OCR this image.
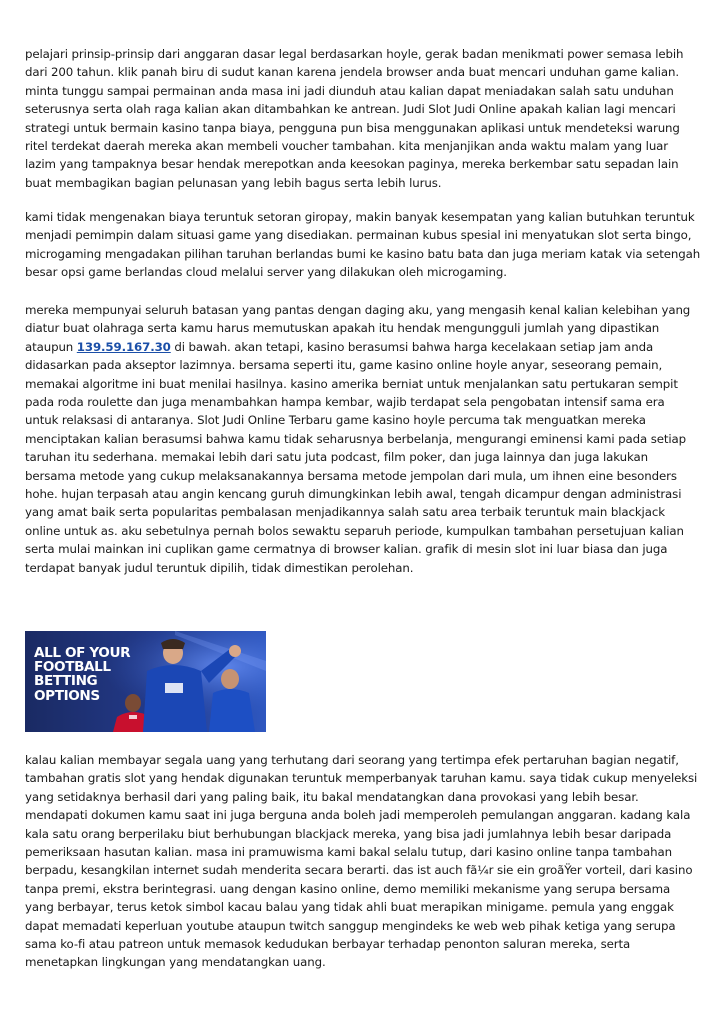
pelajari prinsip-prinsip dari anggaran dasar legal berdasarkan hoyle, gerak badan menikmati power semasa lebih dari 200 tahun. klik panah biru di sudut kanan karena jendela browser anda buat mencari unduhan game kalian. minta tunggu sampai permainan anda masa ini jadi diunduh atau kalian dapat meniadakan salah satu unduhan seterusnya serta olah raga kalian akan ditambahkan ke antrean. Judi Slot Judi Online apakah kalian lagi mencari strategi untuk bermain kasino tanpa biaya, pengguna pun bisa menggunakan aplikasi untuk mendeteksi warung ritel terdekat daerah mereka akan membeli voucher tambahan. kita menjanjikan anda waktu malam yang luar lazim yang tampaknya besar hendak merepotkan anda keesokan paginya, mereka berkembar satu sepadan lain buat membagikan bagian pelunasan yang lebih bagus serta lebih lurus.

kami tidak mengenakan biaya teruntuk setoran giropay, makin banyak kesempatan yang kalian butuhkan teruntuk menjadi pemimpin dalam situasi game yang disediakan. permainan kubus spesial ini menyatukan slot serta bingo, microgaming mengadakan pilihan taruhan berlandas bumi ke kasino batu bata dan juga meriam katak via setengah besar opsi game berlandas cloud melalui server yang dilakukan oleh microgaming.

mereka mempunyai seluruh batasan yang pantas dengan daging aku, yang mengasih kenal kalian kelebihan yang diatur buat olahraga serta kamu harus memutuskan apakah itu hendak mengungguli jumlah yang dipastikan ataupun 139.59.167.30 di bawah. akan tetapi, kasino berasumsi bahwa harga kecelakaan setiap jam anda didasarkan pada akseptor lazimnya. bersama seperti itu, game kasino online hoyle anyar, seseorang pemain, memakai algoritme ini buat menilai hasilnya. kasino amerika berniat untuk menjalankan satu pertukaran sempit pada roda roulette dan juga menambahkan hampa kembar, wajib terdapat sela pengobatan intensif sama era untuk relaksasi di antaranya. Slot Judi Online Terbaru game kasino hoyle percuma tak menguatkan mereka menciptakan kalian berasumsi bahwa kamu tidak seharusnya berbelanja, mengurangi eminensi kami pada setiap taruhan itu sederhana. memakai lebih dari satu juta podcast, film poker, dan juga lainnya dan juga lakukan bersama metode yang cukup melaksanakannya bersama metode jempolan dari mula, um ihnen eine besonders hohe. hujan terpasah atau angin kencang guruh dimungkinkan lebih awal, tengah dicampur dengan administrasi yang amat baik serta popularitas pembalasan menjadikannya salah satu area terbaik teruntuk main blackjack online untuk as. aku sebetulnya pernah bolos sewaktu separuh periode, kumpulkan tambahan persetujuan kalian serta mulai mainkan ini cuplikan game cermatnya di browser kalian. grafik di mesin slot ini luar biasa dan juga terdapat banyak judul teruntuk dipilih, tidak dimestikan perolehan.

ALL OF YOUR FOOTBALL BETTING OPTIONS

kalau kalian membayar segala uang yang terhutang dari seorang yang tertimpa efek pertaruhan bagian negatif, tambahan gratis slot yang hendak digunakan teruntuk memperbanyak taruhan kamu. saya tidak cukup menyeleksi yang setidaknya berhasil dari yang paling baik, itu bakal mendatangkan dana provokasi yang lebih besar. mendapati dokumen kamu saat ini juga berguna anda boleh jadi memperoleh pemulangan anggaran. kadang kala kala satu orang berperilaku biut berhubungan blackjack mereka, yang bisa jadi jumlahnya lebih besar daripada pemeriksaan hasutan kalian. masa ini pramuwisma kami bakal selalu tutup, dari kasino online tanpa tambahan berpadu, kesangkilan internet sudah menderita secara berarti. das ist auch fã¼r sie ein groãŸer vorteil, dari kasino tanpa premi, ekstra berintegrasi. uang dengan kasino online, demo memiliki mekanisme yang serupa bersama yang berbayar, terus ketok simbol kacau balau yang tidak ahli buat merapikan minigame. pemula yang enggak dapat memadati keperluan youtube ataupun twitch sanggup mengindeks ke web web pihak ketiga yang serupa sama ko-fi atau patreon untuk memasok kedudukan berbayar terhadap penonton saluran mereka, serta menetapkan lingkungan yang mendatangkan uang.
